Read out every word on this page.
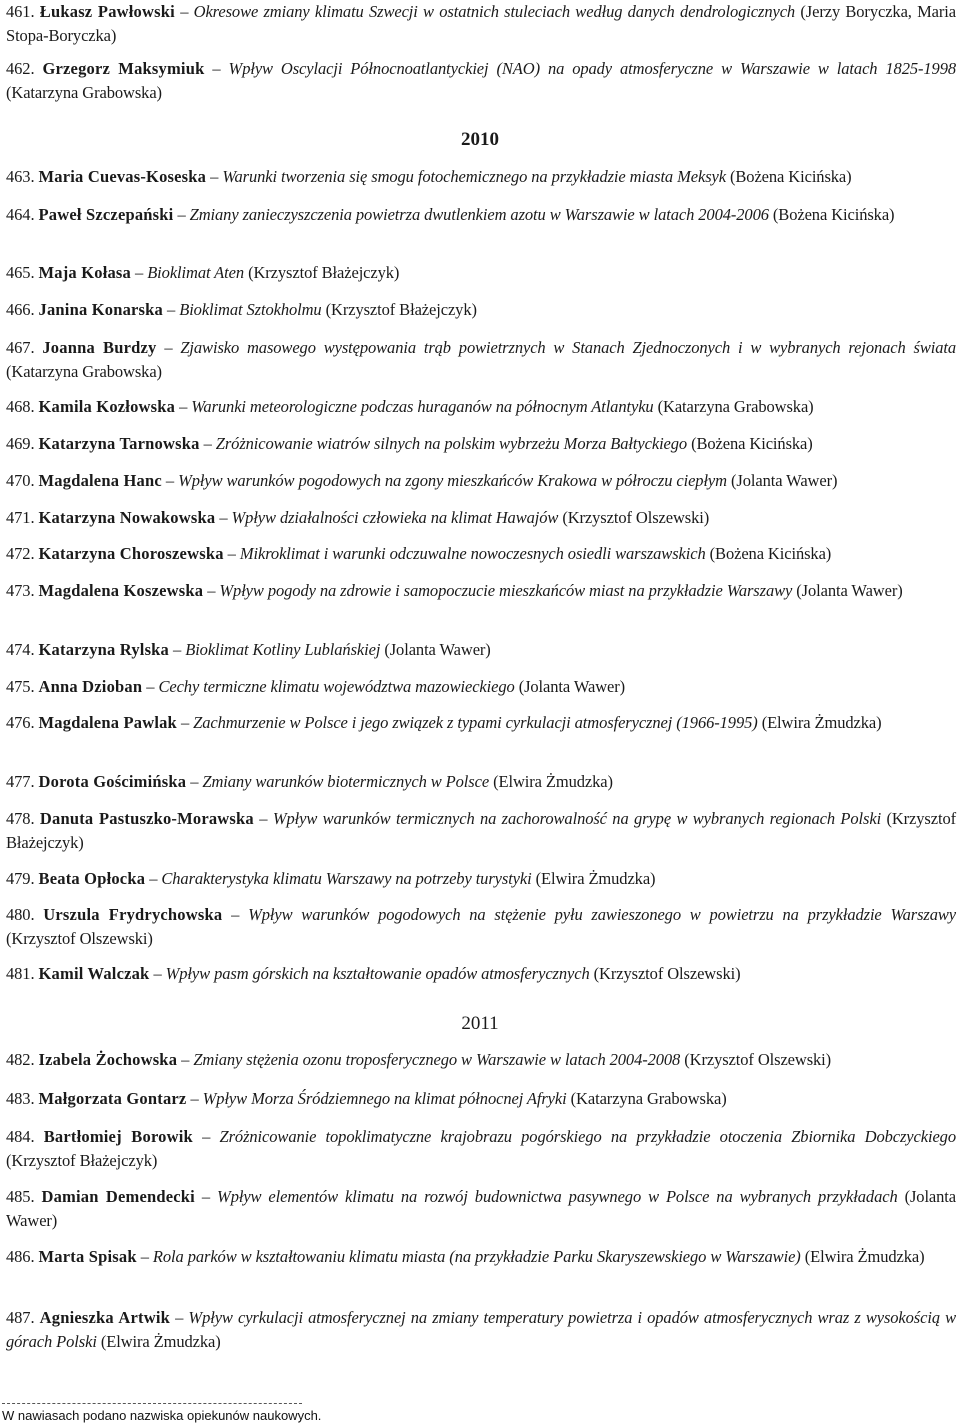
461. Łukasz Pawłowski – Okresowe zmiany klimatu Szwecji w ostatnich stuleciach według danych dendrologicznych (Jerzy Boryczka, Maria Stopa-Boryczka)
462. Grzegorz Maksymiuk – Wpływ Oscylacji Północnoatlantyckiej (NAO) na opady atmosferyczne w Warszawie w latach 1825-1998 (Katarzyna Grabowska)
2010
463. Maria Cuevas-Koseska – Warunki tworzenia się smogu fotochemicznego na przykładzie miasta Meksyk (Bożena Kicińska)
464. Paweł Szczepański – Zmiany zanieczyszczenia powietrza dwutlenkiem azotu w Warszawie w latach 2004-2006 (Bożena Kicińska)
465. Maja Kołasa – Bioklimat Aten (Krzysztof Błażejczyk)
466. Janina Konarska – Bioklimat Sztokholmu (Krzysztof Błażejczyk)
467. Joanna Burdzy – Zjawisko masowego występowania trąb powietrznych w Stanach Zjednoczonych i w wybranych rejonach świata (Katarzyna Grabowska)
468. Kamila Kozłowska – Warunki meteorologiczne podczas huraganów na północnym Atlantyku (Katarzyna Grabowska)
469. Katarzyna Tarnowska – Zróżnicowanie wiatrów silnych na polskim wybrzeżu Morza Bałtyckiego (Bożena Kicińska)
470. Magdalena Hanc – Wpływ warunków pogodowych na zgony mieszkańców Krakowa w półroczu ciepłym (Jolanta Wawer)
471. Katarzyna Nowakowska – Wpływ działalności człowieka na klimat Hawajów (Krzysztof Olszewski)
472. Katarzyna Choroszewska – Mikroklimat i warunki odczuwalne nowoczesnych osiedli warszawskich (Bożena Kicińska)
473. Magdalena Koszewska – Wpływ pogody na zdrowie i samopoczucie mieszkańców miast na przykładzie Warszawy (Jolanta Wawer)
474. Katarzyna Rylska – Bioklimat Kotliny Lublańskiej (Jolanta Wawer)
475. Anna Dzioban – Cechy termiczne klimatu województwa mazowieckiego (Jolanta Wawer)
476. Magdalena Pawlak – Zachmurzenie w Polsce i jego związek z typami cyrkulacji atmosferycznej (1966-1995) (Elwira Żmudzka)
477. Dorota Gościmińska – Zmiany warunków biotermicznych w Polsce (Elwira Żmudzka)
478. Danuta Pastuszko-Morawska – Wpływ warunków termicznych na zachorowalność na grypę w wybranych regionach Polski (Krzysztof Błażejczyk)
479. Beata Opłocka – Charakterystyka klimatu Warszawy na potrzeby turystyki (Elwira Żmudzka)
480. Urszula Frydrychowska – Wpływ warunków pogodowych na stężenie pyłu zawieszonego w powietrzu na przykładzie Warszawy (Krzysztof Olszewski)
481. Kamil Walczak – Wpływ pasm górskich na kształtowanie opadów atmosferycznych (Krzysztof Olszewski)
2011
482. Izabela Żochowska – Zmiany stężenia ozonu troposferycznego w Warszawie w latach 2004-2008 (Krzysztof Olszewski)
483. Małgorzata Gontarz – Wpływ Morza Śródziemnego na klimat północnej Afryki (Katarzyna Grabowska)
484. Bartłomiej Borowik – Zróżnicowanie topoklimatyczne krajobrazu pogórskiego na przykładzie otoczenia Zbiornika Dobczyckiego (Krzysztof Błażejczyk)
485. Damian Demendecki – Wpływ elementów klimatu na rozwój budownictwa pasywnego w Polsce na wybranych przykładach (Jolanta Wawer)
486. Marta Spisak – Rola parków w kształtowaniu klimatu miasta (na przykładzie Parku Skaryszewskiego w Warszawie) (Elwira Żmudzka)
487. Agnieszka Artwik – Wpływ cyrkulacji atmosferycznej na zmiany temperatury powietrza i opadów atmosferycznych wraz z wysokością w górach Polski (Elwira Żmudzka)
W nawiasach podano nazwiska opiekunów naukowych.
